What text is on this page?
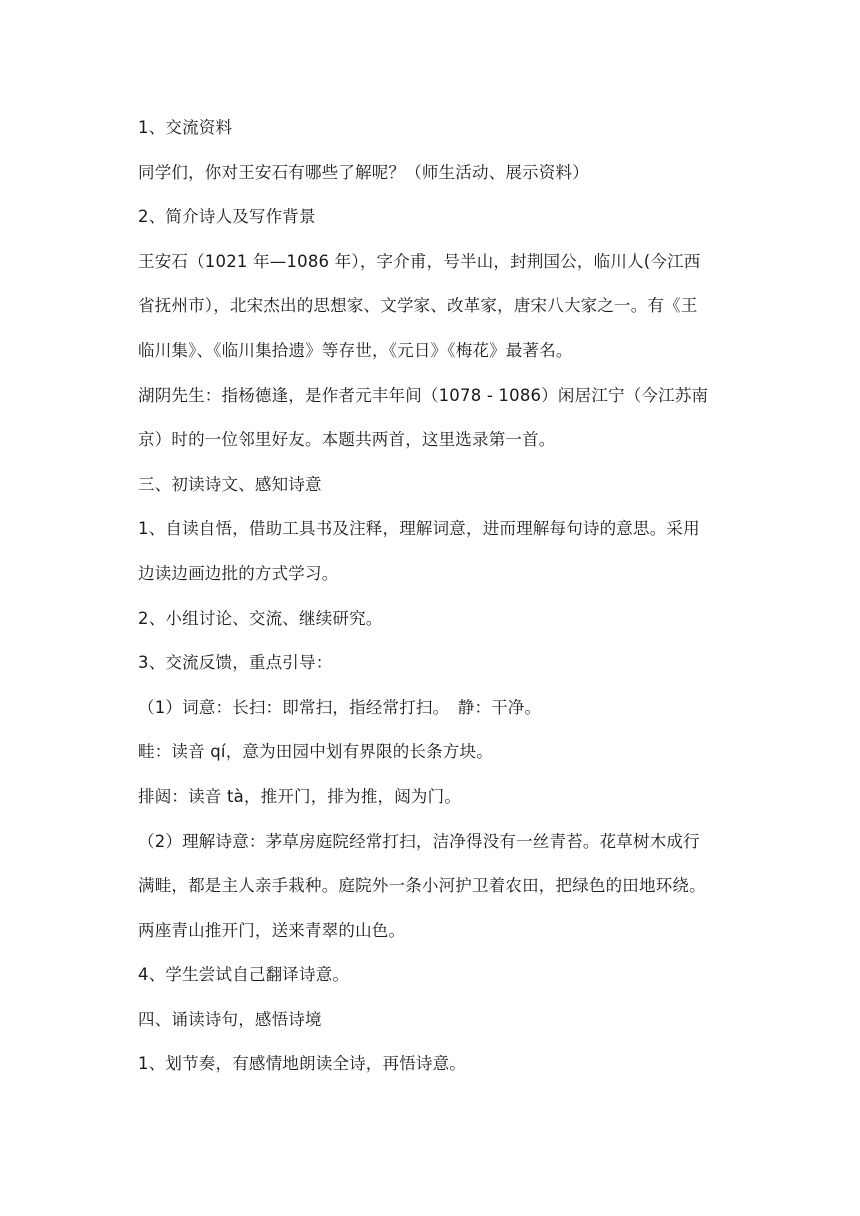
1、交流资料
同学们，你对王安石有哪些了解呢？（师生活动、展示资料）
2、简介诗人及写作背景
王安石（1021 年—1086 年），字介甫，号半山，封荆国公，临川人(今江西
省抚州市），北宋杰出的思想家、文学家、改革家，唐宋八大家之一。有《王
临川集》、《临川集拾遗》等存世，《元日》《梅花》最著名。
湖阴先生：指杨德逢，是作者元丰年间（1078 - 1086）闲居江宁（今江苏南
京）时的一位邻里好友。本题共两首，这里选录第一首。
三、初读诗文、感知诗意
1、自读自悟，借助工具书及注释，理解词意，进而理解每句诗的意思。采用
边读边画边批的方式学习。
2、小组讨论、交流、继续研究。
3、交流反馈，重点引导：
（1）词意：长扫：即常扫，指经常打扫。　静：干净。
畦：读音 qí，意为田园中划有界限的长条方块。
排闼：读音 tà，推开门，排为推，闼为门。
（2）理解诗意：茅草房庭院经常打扫，洁净得没有一丝青苔。花草树木成行
满畦，都是主人亲手栽种。庭院外一条小河护卫着农田，把绿色的田地环绕。
两座青山推开门，送来青翠的山色。
4、学生尝试自己翻译诗意。
四、诵读诗句，感悟诗境
1、划节奏，有感情地朗读全诗，再悟诗意。
